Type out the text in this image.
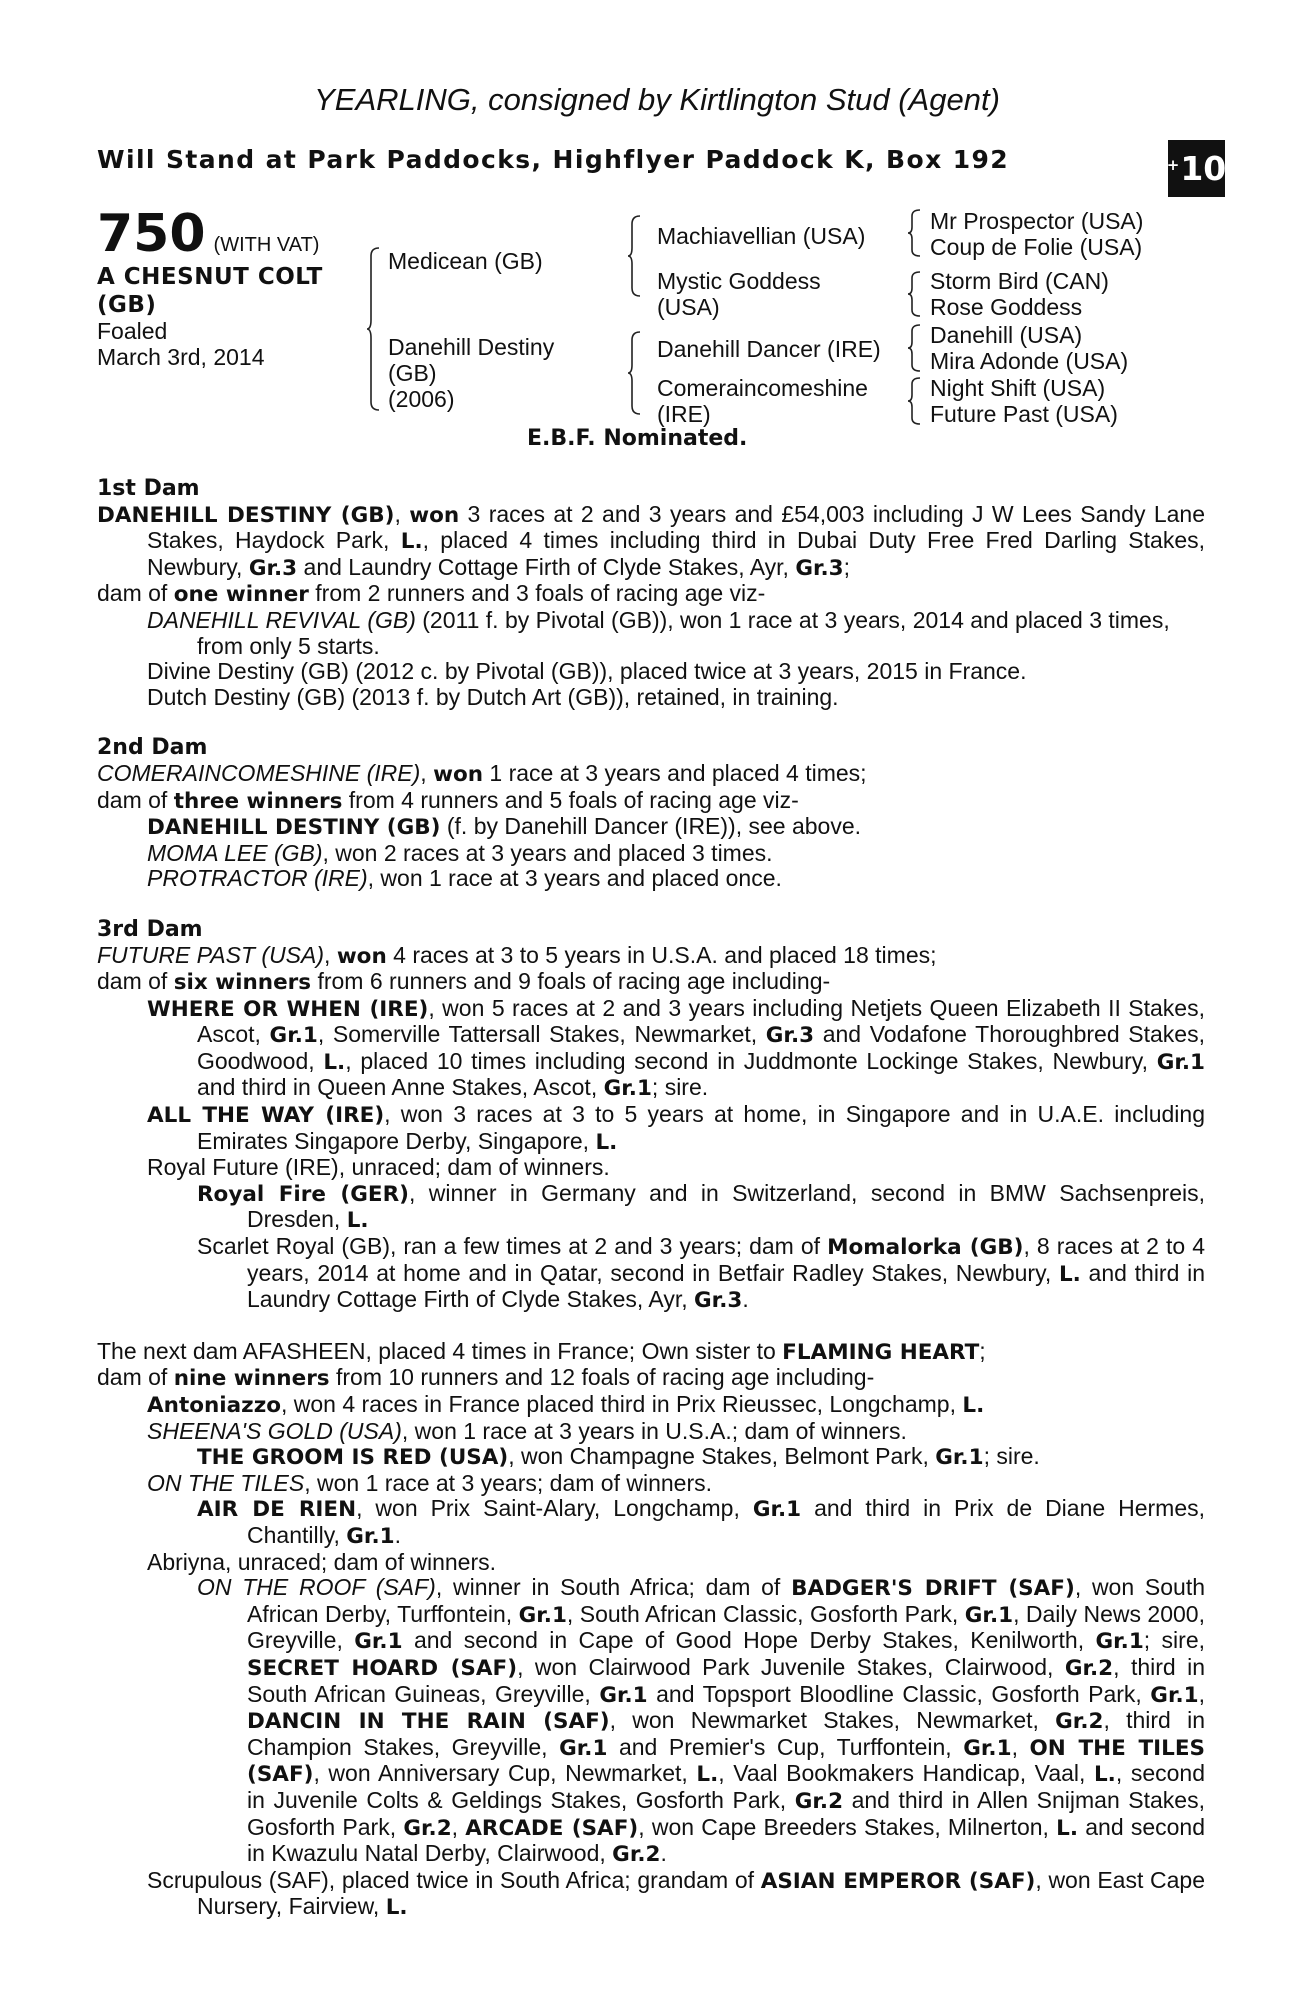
YEARLING, consigned by Kirtlington Stud (Agent)
Will Stand at Park Paddocks, Highflyer Paddock K, Box 192	+ 10
750 (WITH VAT)
A CHESNUT COLT
(GB)
Foaled
March 3rd, 2014
Medicean (GB)
Danehill Destiny
(GB)
(2006)
Machiavellian (USA)
Mystic Goddess
(USA)
Danehill Dancer (IRE)
Comeraincomeshine
(IRE)
Mr Prospector (USA)
Coup de Folie (USA)
Storm Bird (CAN)
Rose Goddess
Danehill (USA)
Mira Adonde (USA)
Night Shift (USA)
Future Past (USA)
E.B.F. Nominated.

1st Dam

DANEHILL DESTINY (GB), won 3 races at 2 and 3 years and £54,003 including J W Lees Sandy Lane Stakes, Haydock Park, L., placed 4 times including third in Dubai Duty Free Fred Darling Stakes, Newbury, Gr.3 and Laundry Cottage Firth of Clyde Stakes, Ayr, Gr.3;

dam of one winner from 2 runners and 3 foals of racing age viz-

DANEHILL REVIVAL (GB) (2011 f. by Pivotal (GB)), won 1 race at 3 years, 2014 and placed 3 times, from only 5 starts.

Divine Destiny (GB) (2012 c. by Pivotal (GB)), placed twice at 3 years, 2015 in France.

Dutch Destiny (GB) (2013 f. by Dutch Art (GB)), retained, in training.

2nd Dam

COMERAINCOMESHINE (IRE), won 1 race at 3 years and placed 4 times;

dam of three winners from 4 runners and 5 foals of racing age viz-

DANEHILL DESTINY (GB) (f. by Danehill Dancer (IRE)), see above.

MOMA LEE (GB), won 2 races at 3 years and placed 3 times.

PROTRACTOR (IRE), won 1 race at 3 years and placed once.

3rd Dam

FUTURE PAST (USA), won 4 races at 3 to 5 years in U.S.A. and placed 18 times;

dam of six winners from 6 runners and 9 foals of racing age including-

WHERE OR WHEN (IRE), won 5 races at 2 and 3 years including Netjets Queen Elizabeth II Stakes, Ascot, Gr.1, Somerville Tattersall Stakes, Newmarket, Gr.3 and Vodafone Thoroughbred Stakes, Goodwood, L., placed 10 times including second in Juddmonte Lockinge Stakes, Newbury, Gr.1 and third in Queen Anne Stakes, Ascot, Gr.1; sire.

ALL THE WAY (IRE), won 3 races at 3 to 5 years at home, in Singapore and in U.A.E. including Emirates Singapore Derby, Singapore, L.

Royal Future (IRE), unraced; dam of winners.

Royal Fire (GER), winner in Germany and in Switzerland, second in BMW Sachsenpreis, Dresden, L.

Scarlet Royal (GB), ran a few times at 2 and 3 years; dam of Momalorka (GB), 8 races at 2 to 4 years, 2014 at home and in Qatar, second in Betfair Radley Stakes, Newbury, L. and third in Laundry Cottage Firth of Clyde Stakes, Ayr, Gr.3.

The next dam AFASHEEN, placed 4 times in France; Own sister to FLAMING HEART;

dam of nine winners from 10 runners and 12 foals of racing age including-

Antoniazzo, won 4 races in France placed third in Prix Rieussec, Longchamp, L.

SHEENA'S GOLD (USA), won 1 race at 3 years in U.S.A.; dam of winners.

THE GROOM IS RED (USA), won Champagne Stakes, Belmont Park, Gr.1; sire.

ON THE TILES, won 1 race at 3 years; dam of winners.

AIR DE RIEN, won Prix Saint-Alary, Longchamp, Gr.1 and third in Prix de Diane Hermes, Chantilly, Gr.1.

Abriyna, unraced; dam of winners.

ON THE ROOF (SAF), winner in South Africa; dam of BADGER'S DRIFT (SAF), won South African Derby, Turffontein, Gr.1, South African Classic, Gosforth Park, Gr.1, Daily News 2000, Greyville, Gr.1 and second in Cape of Good Hope Derby Stakes, Kenilworth, Gr.1; sire, SECRET HOARD (SAF), won Clairwood Park Juvenile Stakes, Clairwood, Gr.2, third in South African Guineas, Greyville, Gr.1 and Topsport Bloodline Classic, Gosforth Park, Gr.1, DANCIN IN THE RAIN (SAF), won Newmarket Stakes, Newmarket, Gr.2, third in Champion Stakes, Greyville, Gr.1 and Premier's Cup, Turffontein, Gr.1, ON THE TILES (SAF), won Anniversary Cup, Newmarket, L., Vaal Bookmakers Handicap, Vaal, L., second in Juvenile Colts & Geldings Stakes, Gosforth Park, Gr.2 and third in Allen Snijman Stakes, Gosforth Park, Gr.2, ARCADE (SAF), won Cape Breeders Stakes, Milnerton, L. and second in Kwazulu Natal Derby, Clairwood, Gr.2.

Scrupulous (SAF), placed twice in South Africa; grandam of ASIAN EMPEROR (SAF), won East Cape Nursery, Fairview, L.
